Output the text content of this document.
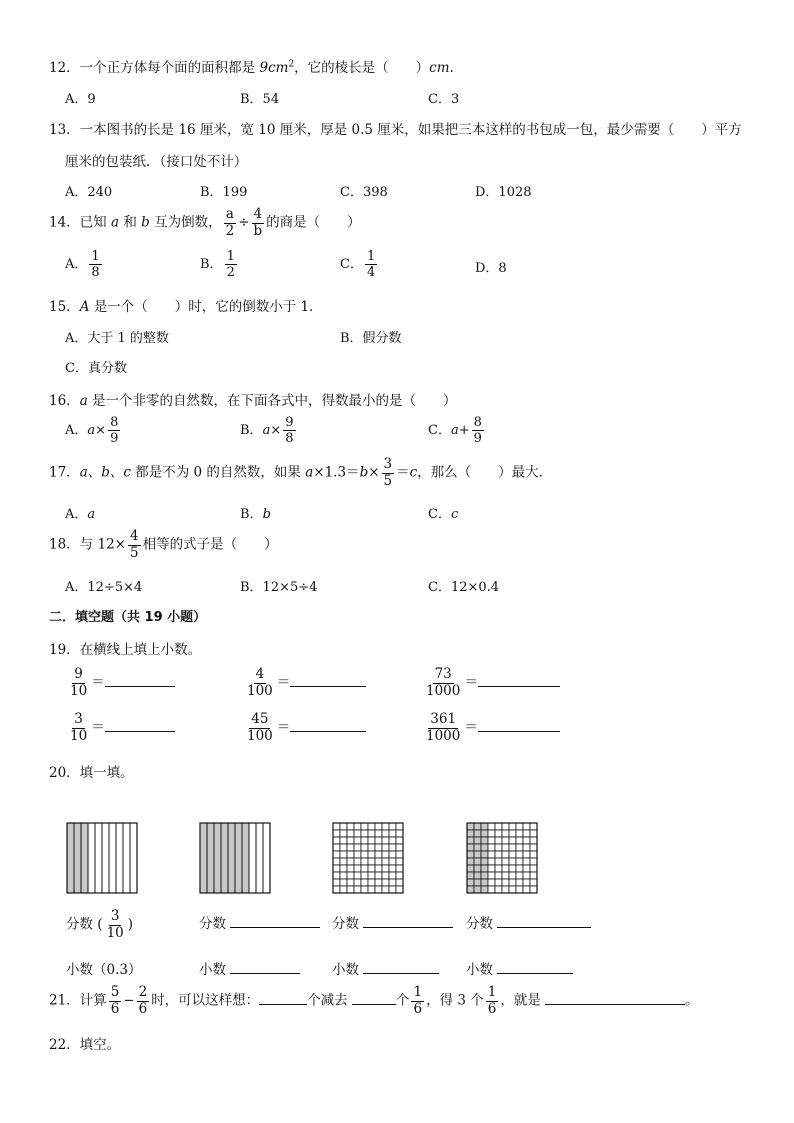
12．一个正方体每个面的面积都是 $9cm^2$，它的棱长是（　　）cm.
A．9	B．54	C．3
13．一本图书的长是 16 厘米，宽 10 厘米，厚是 0.5 厘米，如果把三本这样的书包成一包，最少需要（　　）平方
厘米的包装纸．（接口处不计）
A．240	B．199	C．398	D．1028
14．已知 a 和 b 互为倒数， $\frac{a}{2} \div \frac{4}{b}$ 的商是（　　）
A． $\frac{1}{8}$	B． $\frac{1}{2}$	C． $\frac{1}{4}$	D．8
15．A 是一个（　　）时，它的倒数小于 1．
A．大于 1 的整数	B．假分数
C．真分数
16．a 是一个非零的自然数，在下面各式中，得数最小的是（　　）
A．$a\times \frac{8}{9}$	B．$a\times \frac{9}{8}$	C．$a+ \frac{8}{9}$
17．a、b、c 都是不为 0 的自然数，如果 $a\times 1.3=b\times \frac{3}{5} =c$，那么（　　）最大．
A．a	B．b	C．c
18．与 $12\times \frac{4}{5}$ 相等的式子是（　　）
A．12÷5×4	B．12×5÷4	C．12×0.4
二．填空题（共 19 小题）
19．在横线上填上小数。
$\frac{9}{10}$ ＝	$\frac{4}{100}$ ＝	$\frac{73}{1000}$ ＝
$\frac{3}{10}$ ＝	$\frac{45}{100}$ ＝	$\frac{361}{1000}$ ＝
20．填一填。
分数 ( $\frac{3}{10}$ )	分数	分数	分数
小数（0.3）	小数	小数	小数
21．计算 $\frac{5}{6} - \frac{2}{6}$ 时，可以这样想：	个减去	个 $\frac{1}{6}$ ，得 3 个 $\frac{1}{6}$ ，就是	。
22．填空。
